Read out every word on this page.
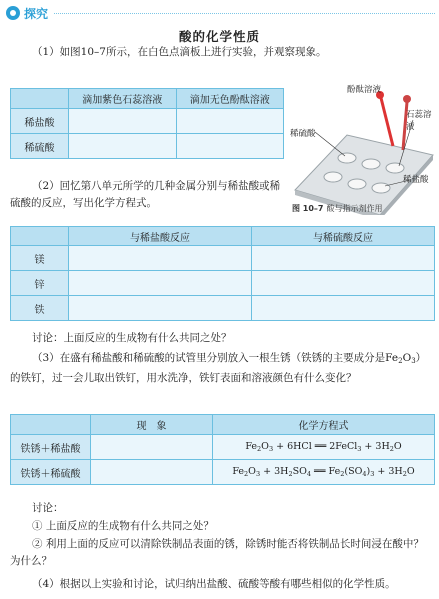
探究
酸的化学性质
（1）如图10–7所示，在白色点滴板上进行实验，并观察现象。
	滴加紫色石蕊溶液	滴加无色酚酞溶液
稀盐酸		
稀硫酸		
酚酞溶液
石蕊溶液
稀硫酸
稀盐酸
图 10–7 酸与指示剂作用
（2）回忆第八单元所学的几种金属分别与稀盐酸或稀硫酸的反应，写出化学方程式。
	与稀盐酸反应	与稀硫酸反应
镁		
锌		
铁		
讨论：上面反应的生成物有什么共同之处？
（3）在盛有稀盐酸和稀硫酸的试管里分别放入一根生锈（铁锈的主要成分是$Fe_2O_3$）的铁钉，过一会儿取出铁钉，用水洗净，铁钉表面和溶液颜色有什么变化？
	现　象	化学方程式
铁锈＋稀盐酸		$Fe_2O_3 + 6HCl$ ══ 2FeCl$_3$ + $3H_2O$
铁锈＋稀硫酸		$Fe_2O_3 + 3H_2SO_4$ ══ $Fe_2(SO_4)_3 + 3H_2O$
讨论：
① 上面反应的生成物有什么共同之处？
② 利用上面的反应可以清除铁制品表面的锈，除锈时能否将铁制品长时间浸在酸中？为什么？
（4）根据以上实验和讨论，试归纳出盐酸、硫酸等酸有哪些相似的化学性质。
